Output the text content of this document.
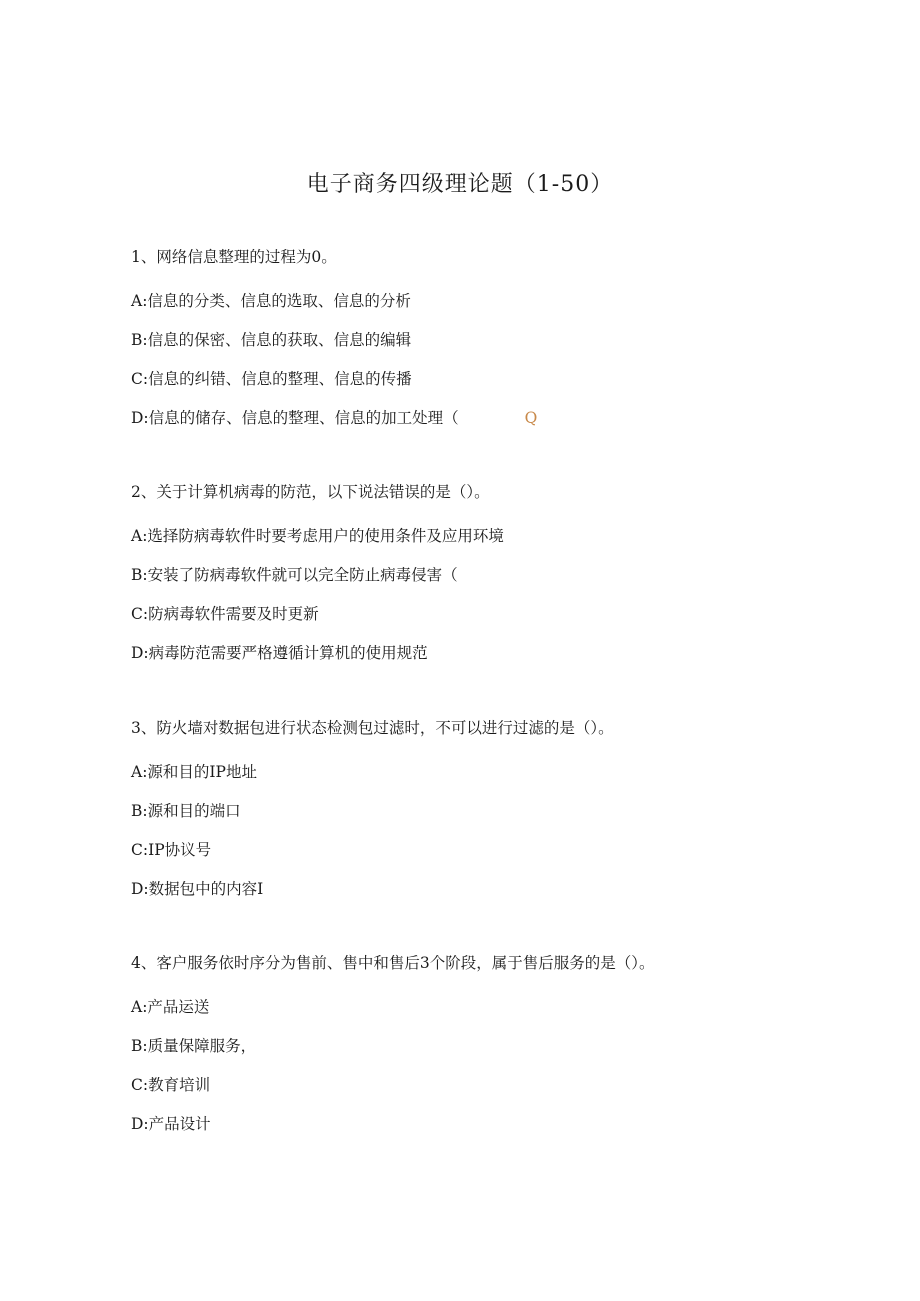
电子商务四级理论题（1-50）
1、网络信息整理的过程为0。
A:信息的分类、信息的选取、信息的分析
B:信息的保密、信息的获取、信息的编辑
C:信息的纠错、信息的整理、信息的传播
D:信息的储存、信息的整理、信息的加工处理（	Q
2、关于计算机病毒的防范，以下说法错误的是（）。
A:选择防病毒软件时要考虑用户的使用条件及应用环境
B:安装了防病毒软件就可以完全防止病毒侵害（
C:防病毒软件需要及时更新
D:病毒防范需要严格遵循计算机的使用规范
3、防火墙对数据包进行状态检测包过滤时，不可以进行过滤的是（）。
A:源和目的IP地址
B:源和目的端口
C:IP协议号
D:数据包中的内容I
4、客户服务依时序分为售前、售中和售后3个阶段，属于售后服务的是（）。
A:产品运送
B:质量保障服务，
C:教育培训
D:产品设计
